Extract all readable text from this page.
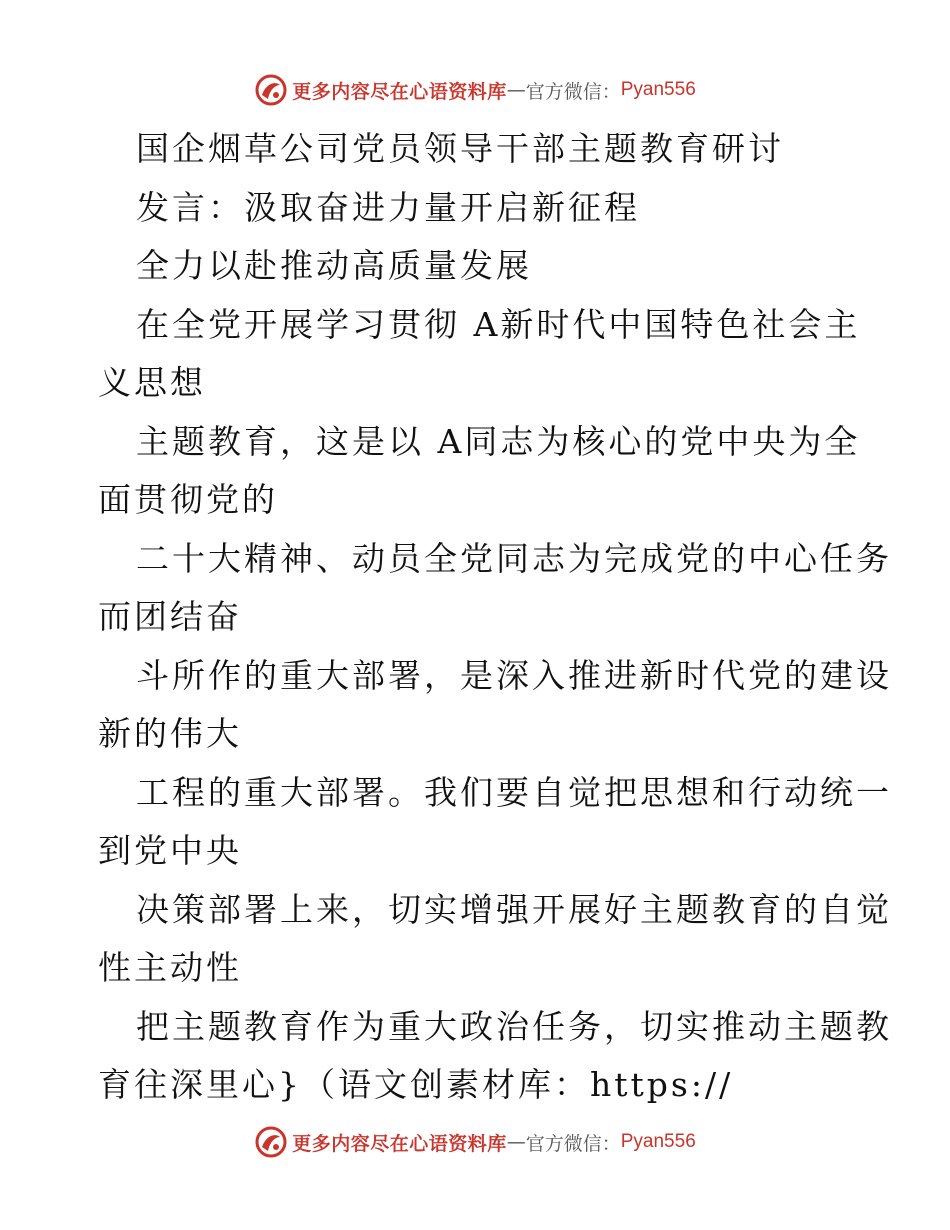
更多内容尽在心语资料库 — 官方微信： Pyan556
国企烟草公司党员领导干部主题教育研讨
发言：汲取奋进力量开启新征程
全力以赴推动高质量发展
在全党开展学习贯彻 A新时代中国特色社会主
义思想
主题教育，这是以 A同志为核心的党中央为全
面贯彻党的
二十大精神、动员全党同志为完成党的中心任务
而团结奋
斗所作的重大部署，是深入推进新时代党的建设
新的伟大
工程的重大部署。我们要自觉把思想和行动统一
到党中央
决策部署上来，切实增强开展好主题教育的自觉
性主动性
把主题教育作为重大政治任务，切实推动主题教
育往深里心}（语文创素材库：https://
更多内容尽在心语资料库 — 官方微信： Pyan556
